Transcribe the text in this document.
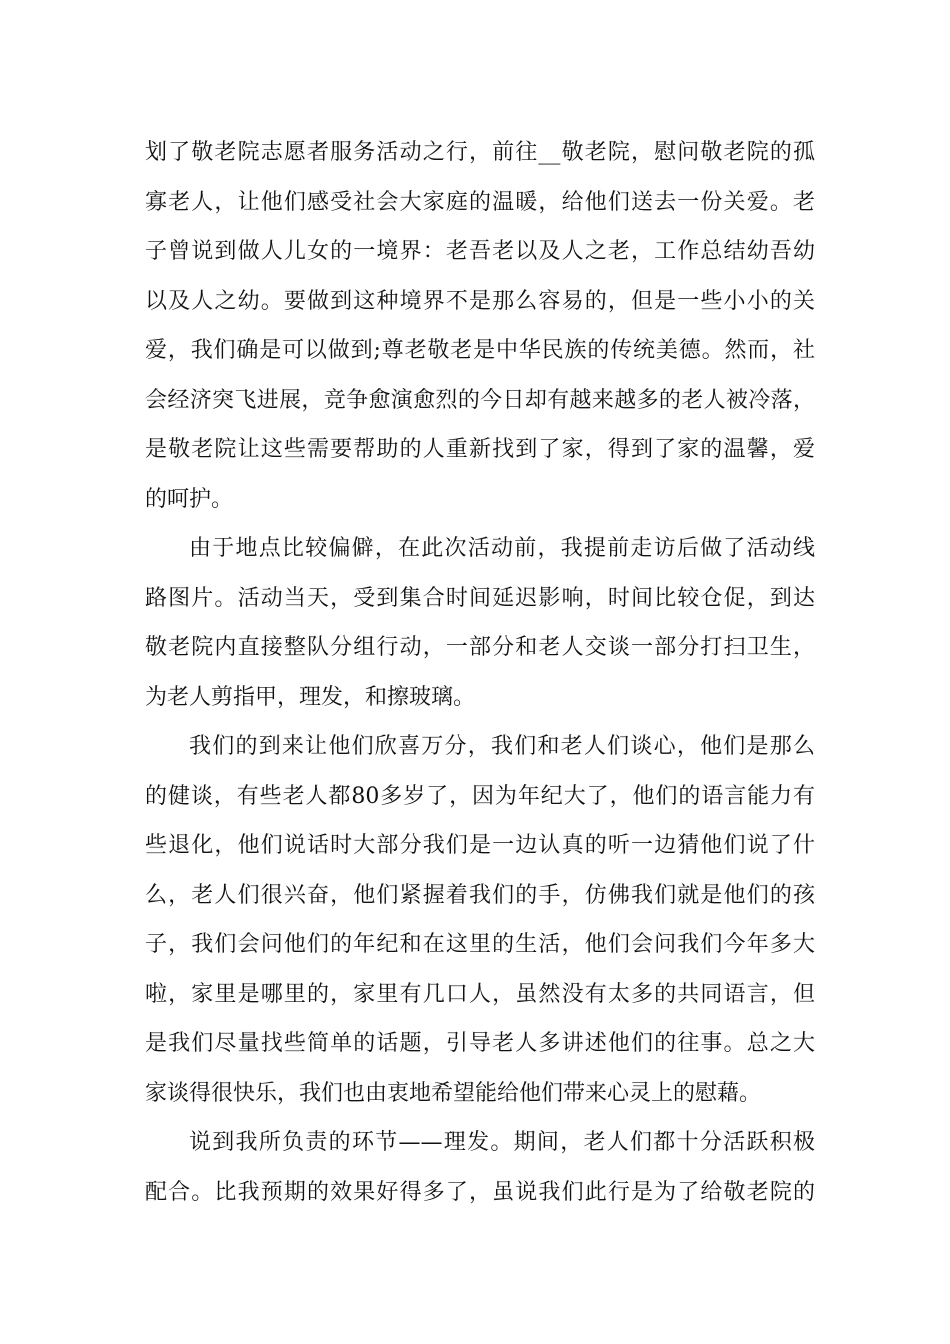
划了敬老院志愿者服务活动之行，前往__敬老院，慰问敬老院的孤
寡老人，让他们感受社会大家庭的温暖，给他们送去一份关爱。老
子曾说到做人儿女的一境界：老吾老以及人之老，工作总结幼吾幼
以及人之幼。要做到这种境界不是那么容易的，但是一些小小的关
爱，我们确是可以做到;尊老敬老是中华民族的传统美德。然而，社
会经济突飞进展，竞争愈演愈烈的今日却有越来越多的老人被冷落，
是敬老院让这些需要帮助的人重新找到了家，得到了家的温馨，爱
的呵护。

由于地点比较偏僻，在此次活动前，我提前走访后做了活动线
路图片。活动当天，受到集合时间延迟影响，时间比较仓促，到达
敬老院内直接整队分组行动，一部分和老人交谈一部分打扫卫生，
为老人剪指甲，理发，和擦玻璃。

我们的到来让他们欣喜万分，我们和老人们谈心，他们是那么
的健谈，有些老人都80多岁了，因为年纪大了，他们的语言能力有
些退化，他们说话时大部分我们是一边认真的听一边猜他们说了什
么，老人们很兴奋，他们紧握着我们的手，仿佛我们就是他们的孩
子，我们会问他们的年纪和在这里的生活，他们会问我们今年多大
啦，家里是哪里的，家里有几口人，虽然没有太多的共同语言，但
是我们尽量找些简单的话题，引导老人多讲述他们的往事。总之大
家谈得很快乐，我们也由衷地希望能给他们带来心灵上的慰藉。

说到我所负责的环节——理发。期间，老人们都十分活跃积极
配合。比我预期的效果好得多了，虽说我们此行是为了给敬老院的
